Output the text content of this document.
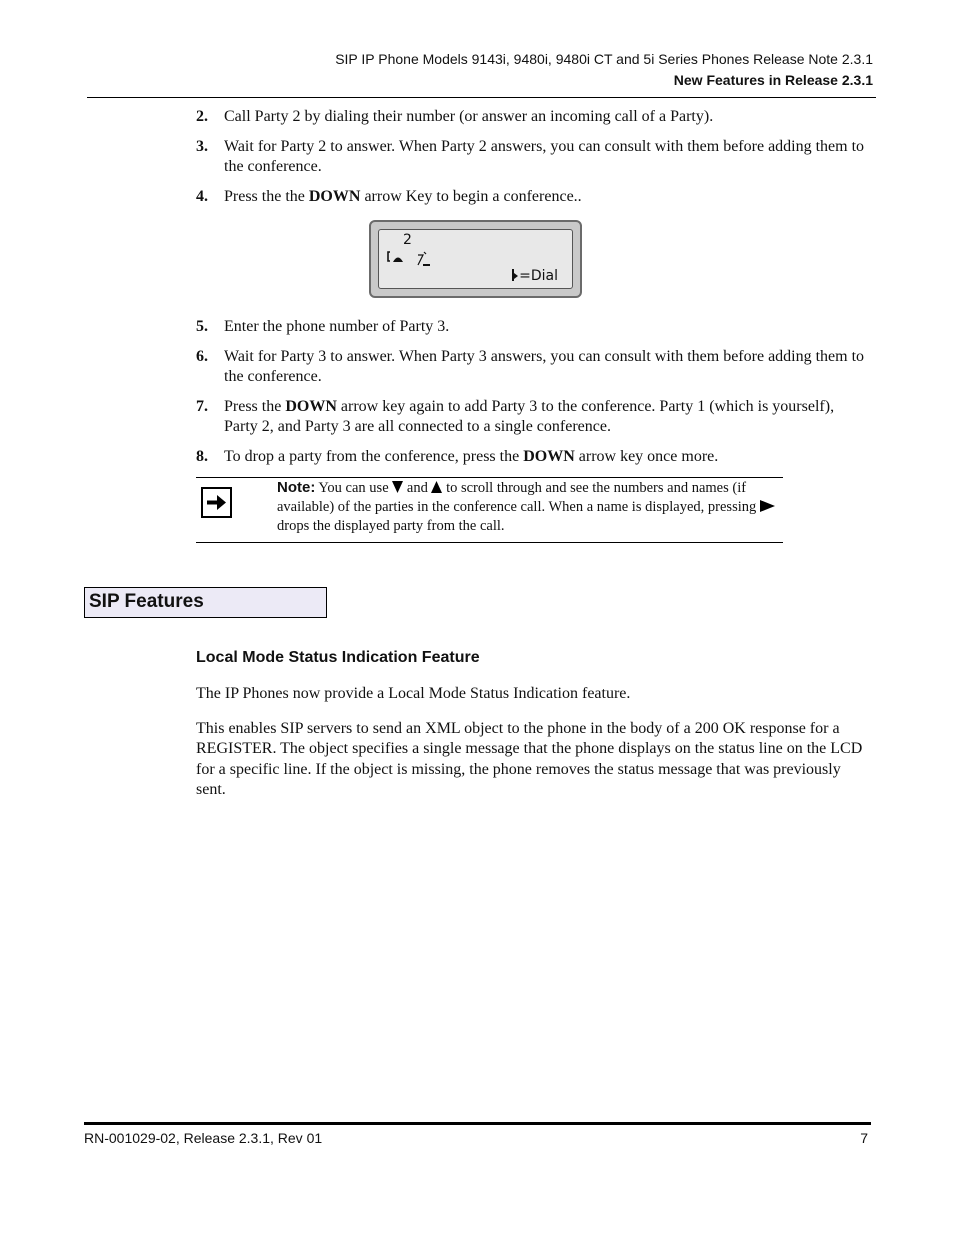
SIP IP Phone Models 9143i, 9480i, 9480i CT and 5i Series Phones Release Note 2.3.1
New Features in Release 2.3.1
2. Call Party 2 by dialing their number (or answer an incoming call of a Party).
3. Wait for Party 2 to answer. When Party 2 answers, you can consult with them before adding them to the conference.
4. Press the the DOWN arrow Key to begin a conference..
2
=Dial
5. Enter the phone number of Party 3.
6. Wait for Party 3 to answer. When Party 3 answers, you can consult with them before adding them to the conference.
7. Press the DOWN arrow key again to add Party 3 to the conference. Party 1 (which is yourself), Party 2, and Party 3 are all connected to a single conference.
8. To drop a party from the conference, press the DOWN arrow key once more.
Note: You can use  and  to scroll through and see the numbers and names (if available) of the parties in the conference call. When a name is displayed, pressing  drops the displayed party from the call.
SIP Features
Local Mode Status Indication Feature
The IP Phones now provide a Local Mode Status Indication feature.
This enables SIP servers to send an XML object to the phone in the body of a 200 OK response for a REGISTER. The object specifies a single message that the phone displays on the status line on the LCD for a specific line. If the object is missing, the phone removes the status message that was previously sent.
RN-001029-02, Release 2.3.1, Rev 01	7
